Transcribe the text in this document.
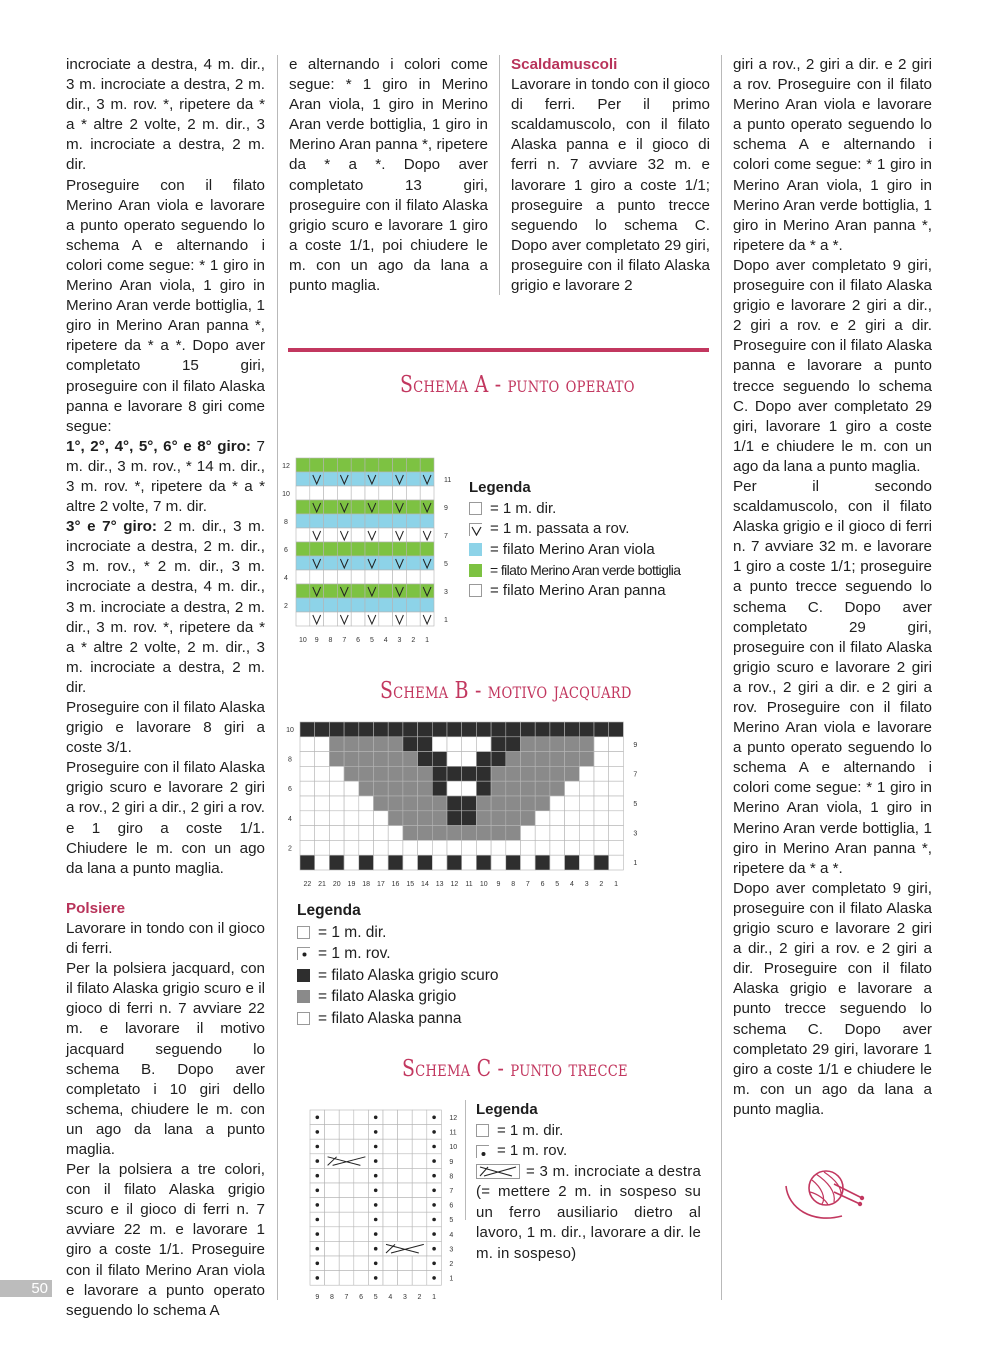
incrociate a destra, 4 m. dir., 3 m. incrociate a destra, 2 m. dir., 3 m. rov. *, ripetere da * a * altre 2 volte, 2 m. dir., 3 m. incrociate a destra, 2 m. dir.

Proseguire con il filato Merino Aran viola e lavorare a punto operato seguendo lo schema A e alternando i colori come segue: * 1 giro in Merino Aran viola, 1 giro in Merino Aran verde bottiglia, 1 giro in Merino Aran panna *, ripetere da * a *. Dopo aver completato 15 giri, proseguire con il filato Alaska panna e lavorare 8 giri come segue:

1°, 2°, 4°, 5°, 6° e 8° giro: 7 m. dir., 3 m. rov., * 14 m. dir., 3 m. rov. *, ripetere da * a * altre 2 volte, 7 m. dir.

3° e 7° giro: 2 m. dir., 3 m. incrociate a destra, 2 m. dir., 3 m. rov., * 2 m. dir., 3 m. incrociate a destra, 4 m. dir., 3 m. incrociate a destra, 2 m. dir., 3 m. rov. *, ripetere da * a * altre 2 volte, 2 m. dir., 3 m. incrociate a destra, 2 m. dir.

Proseguire con il filato Alaska grigio e lavorare 8 giri a coste 3/1.

Proseguire con il filato Alaska grigio scuro e lavorare 2 giri a rov., 2 giri a dir., 2 giri a rov. e 1 giro a coste 1/1. Chiudere le m. con un ago da lana a punto maglia.

Polsiere

Lavorare in tondo con il gioco di ferri.

Per la polsiera jacquard, con il filato Alaska grigio scuro e il gioco di ferri n. 7 avviare 22 m. e lavorare il motivo jacquard seguendo lo schema B. Dopo aver completato i 10 giri dello schema, chiudere le m. con un ago da lana a punto maglia.

Per la polsiera a tre colori, con il filato Alaska grigio scuro e il gioco di ferri n. 7 avviare 22 m. e lavorare 1 giro a coste 1/1. Proseguire con il filato Merino Aran viola e lavorare a punto operato seguendo lo schema A

e alternando i colori come segue: * 1 giro in Merino Aran viola, 1 giro in Merino Aran verde bottiglia, 1 giro in Merino Aran panna *, ripetere da * a *. Dopo aver completato 13 giri, proseguire con il filato Alaska grigio scuro e lavorare 1 giro a coste 1/1, poi chiudere le m. con un ago da lana a punto maglia.

Scaldamuscoli

Lavorare in tondo con il gioco di ferri. Per il primo scaldamuscolo, con il filato Alaska panna e il gioco di ferri n. 7 avviare 32 m. e lavorare 1 giro a coste 1/1; proseguire a punto trecce seguendo lo schema C. Dopo aver completato 29 giri, proseguire con il filato Alaska grigio e lavorare 2

giri a rov., 2 giri a dir. e 2 giri a rov. Proseguire con il filato Merino Aran viola e lavorare a punto operato seguendo lo schema A e alternando i colori come segue: * 1 giro in Merino Aran viola, 1 giro in Merino Aran verde bottiglia, 1 giro in Merino Aran panna *, ripetere da * a *.

Dopo aver completato 9 giri, proseguire con il filato Alaska grigio e lavorare 2 giri a dir., 2 giri a rov. e 2 giri a dir. Proseguire con il filato Alaska panna e lavorare a punto trecce seguendo lo schema C. Dopo aver completato 29 giri, lavorare 1 giro a coste 1/1 e chiudere le m. con un ago da lana a punto maglia.

Per il secondo scaldamuscolo, con il filato Alaska grigio e il gioco di ferri n. 7 avviare 32 m. e lavorare 1 giro a coste 1/1; proseguire a punto trecce seguendo lo schema C. Dopo aver completato 29 giri, proseguire con il filato Alaska grigio scuro e lavorare 2 giri a rov., 2 giri a dir. e 2 giri a rov. Proseguire con il filato Merino Aran viola e lavorare a punto operato seguendo lo schema A e alternando i colori come segue: * 1 giro in Merino Aran viola, 1 giro in Merino Aran verde bottiglia, 1 giro in Merino Aran panna *, ripetere da * a *.

Dopo aver completato 9 giri, proseguire con il filato Alaska grigio scuro e lavorare 2 giri a dir., 2 giri a rov. e 2 giri a dir. Proseguire con il filato Alaska grigio e lavorare a punto trecce seguendo lo schema C. Dopo aver completato 29 giri, lavorare 1 giro a coste 1/1 e chiudere le m. con un ago da lana a punto maglia.

Schema A - punto operato
12
10
8
6
4
2
11
9
7
5
3
1
10 9 8 7 6 5 4 3 2 1
Legenda
= 1 m. dir.
= 1 m. passata a rov.
= filato Merino Aran viola
= filato Merino Aran verde bottiglia
= filato Merino Aran panna
Schema B - motivo jacquard
10
8
6
4
2
9
7
5
3
1
22 21 20 19 18 17 16 15 14 13 12 11 10 9 8 7 6 5 4 3 2 1
Legenda
= 1 m. dir.
= 1 m. rov.
= filato Alaska grigio scuro
= filato Alaska grigio
= filato Alaska panna
Schema C - punto trecce
12
11
10
9
8
7
6
5
4
3
2
1
9 8 7 6 5 4 3 2 1
Legenda
= 1 m. dir.
= 1 m. rov.
= 3 m. incrociate a destra (= mettere 2 m. in sospeso su un ferro ausiliario dietro al lavoro, 1 m. dir., lavorare a dir. le m. in sospeso)
50
